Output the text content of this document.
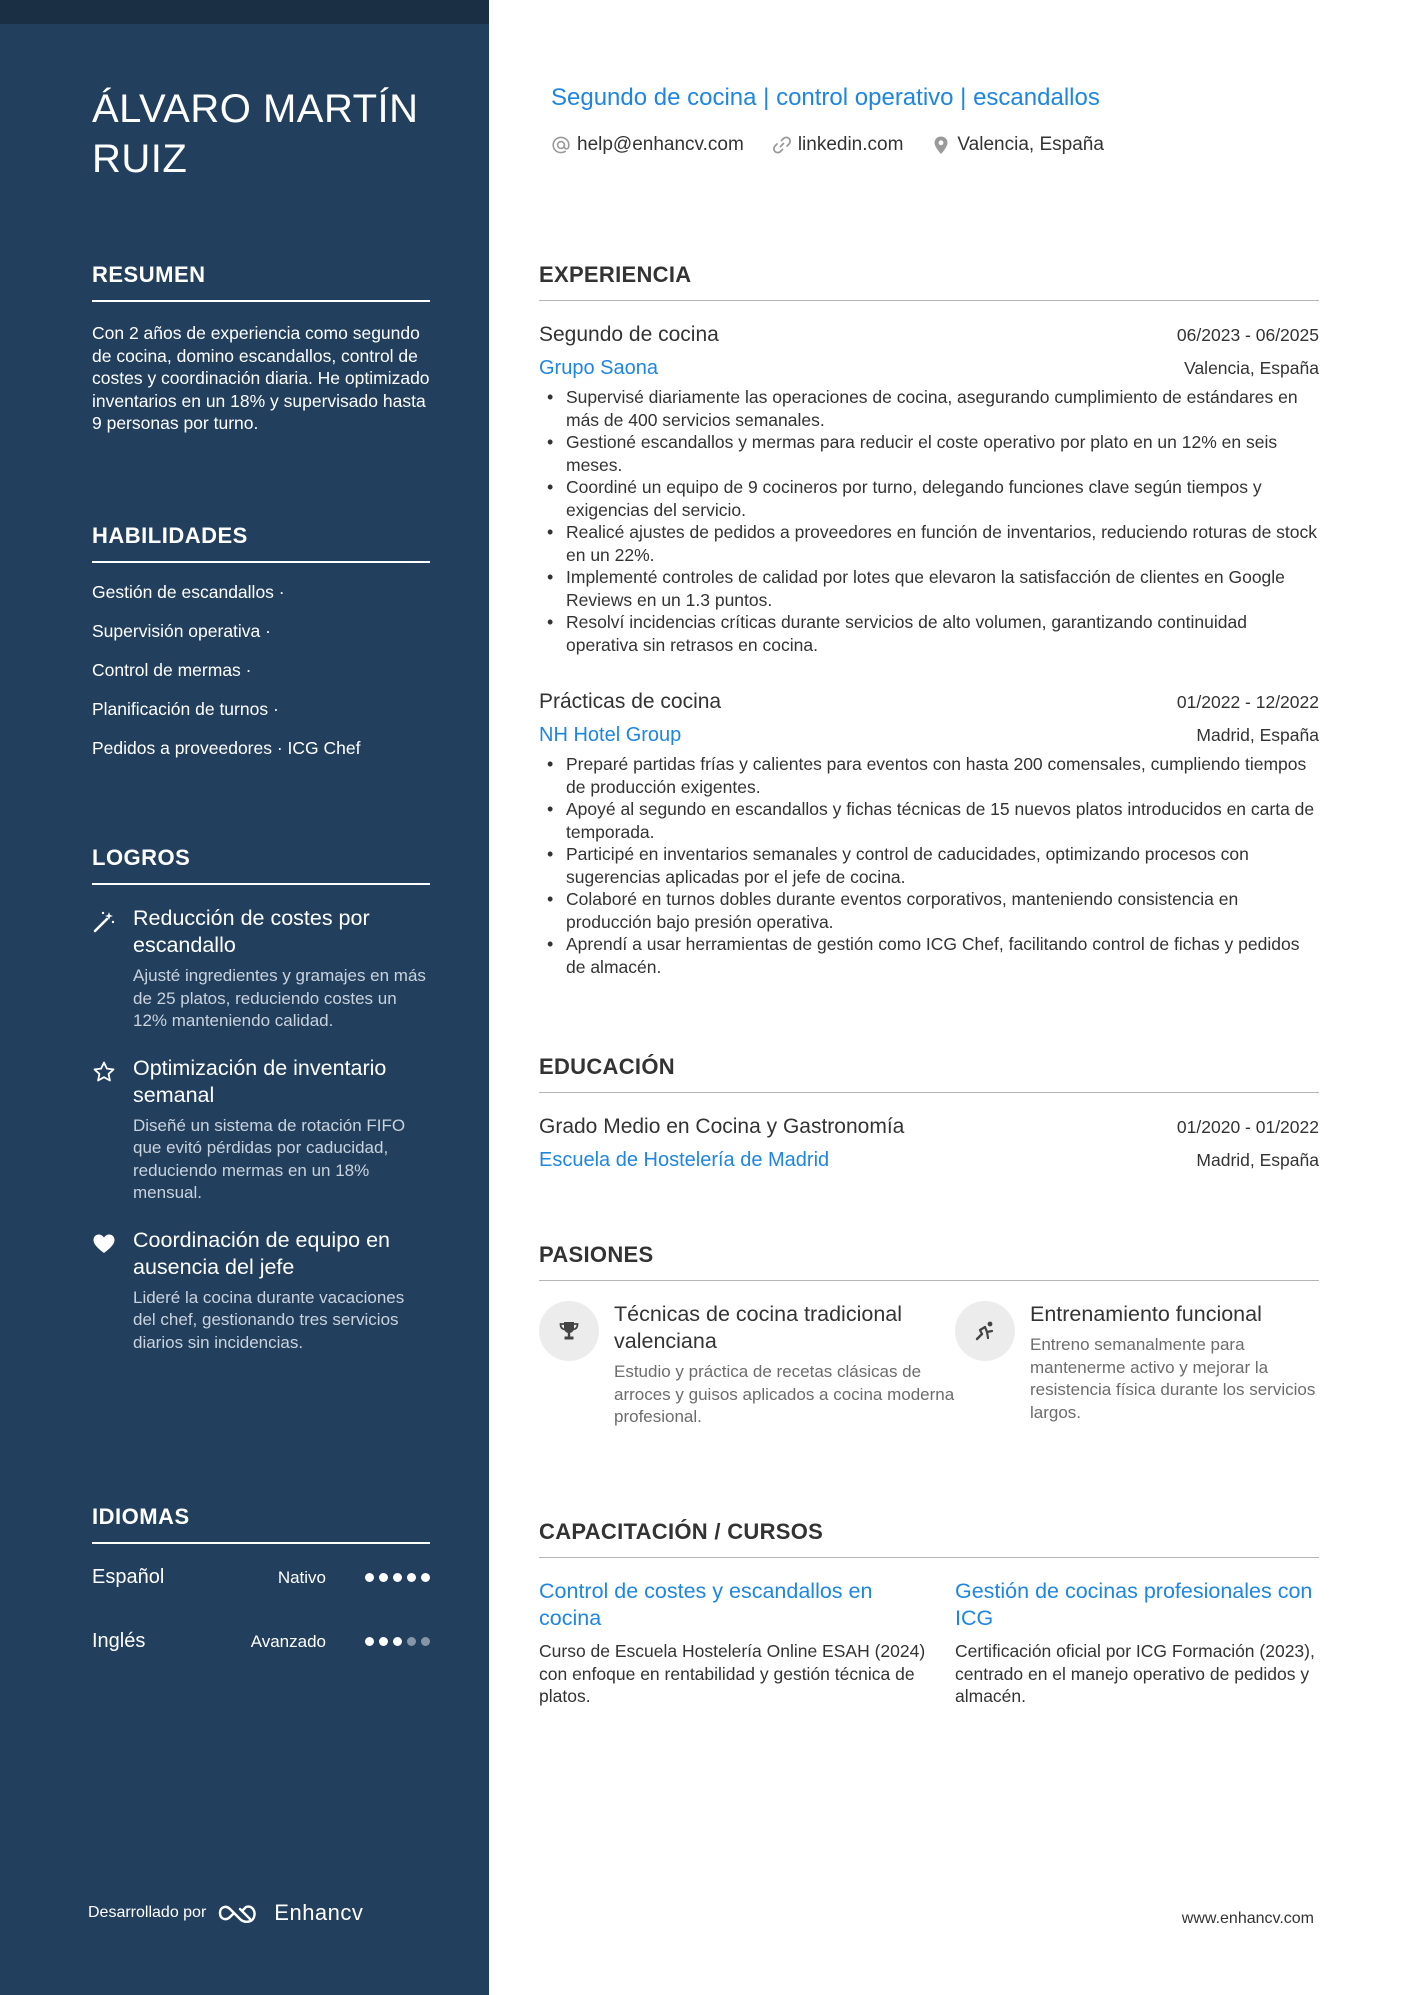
ÁLVARO MARTÍN RUIZ
RESUMEN

Con 2 años de experiencia como segundo de cocina, domino escandallos, control de costes y coordinación diaria. He optimizado inventarios en un 18% y supervisado hasta 9 personas por turno.

HABILIDADES
Gestión de escandallos ·
Supervisión operativa ·
Control de mermas ·
Planificación de turnos ·
Pedidos a proveedores · ICG Chef
LOGROS
Reducción de costes por escandallo
Ajusté ingredientes y gramajes en más de 25 platos, reduciendo costes un 12% manteniendo calidad.
Optimización de inventario semanal
Diseñé un sistema de rotación FIFO que evitó pérdidas por caducidad, reduciendo mermas en un 18% mensual.
Coordinación de equipo en ausencia del jefe
Lideré la cocina durante vacaciones del chef, gestionando tres servicios diarios sin incidencias.
IDIOMAS
Español	Nativo
Inglés	Avanzado
Desarrollado por	Enhancv
Segundo de cocina | control operativo | escandallos
help@enhancv.com	linkedin.com	Valencia, España
EXPERIENCIA
Segundo de cocina	06/2023 - 06/2025
Grupo Saona	Valencia, España
• Supervisé diariamente las operaciones de cocina, asegurando cumplimiento de estándares en más de 400 servicios semanales.
• Gestioné escandallos y mermas para reducir el coste operativo por plato en un 12% en seis meses.
• Coordiné un equipo de 9 cocineros por turno, delegando funciones clave según tiempos y exigencias del servicio.
• Realicé ajustes de pedidos a proveedores en función de inventarios, reduciendo roturas de stock en un 22%.
• Implementé controles de calidad por lotes que elevaron la satisfacción de clientes en Google Reviews en un 1.3 puntos.
• Resolví incidencias críticas durante servicios de alto volumen, garantizando continuidad operativa sin retrasos en cocina.
Prácticas de cocina	01/2022 - 12/2022
NH Hotel Group	Madrid, España
• Preparé partidas frías y calientes para eventos con hasta 200 comensales, cumpliendo tiempos de producción exigentes.
• Apoyé al segundo en escandallos y fichas técnicas de 15 nuevos platos introducidos en carta de temporada.
• Participé en inventarios semanales y control de caducidades, optimizando procesos con sugerencias aplicadas por el jefe de cocina.
• Colaboré en turnos dobles durante eventos corporativos, manteniendo consistencia en producción bajo presión operativa.
• Aprendí a usar herramientas de gestión como ICG Chef, facilitando control de fichas y pedidos de almacén.
EDUCACIÓN
Grado Medio en Cocina y Gastronomía	01/2020 - 01/2022
Escuela de Hostelería de Madrid	Madrid, España
PASIONES
Técnicas de cocina tradicional valenciana
Estudio y práctica de recetas clásicas de arroces y guisos aplicados a cocina moderna profesional.
Entrenamiento funcional
Entreno semanalmente para mantenerme activo y mejorar la resistencia física durante los servicios largos.
CAPACITACIÓN / CURSOS
Control de costes y escandallos en cocina
Curso de Escuela Hostelería Online ESAH (2024) con enfoque en rentabilidad y gestión técnica de platos.
Gestión de cocinas profesionales con ICG
Certificación oficial por ICG Formación (2023), centrado en el manejo operativo de pedidos y almacén.
www.enhancv.com
